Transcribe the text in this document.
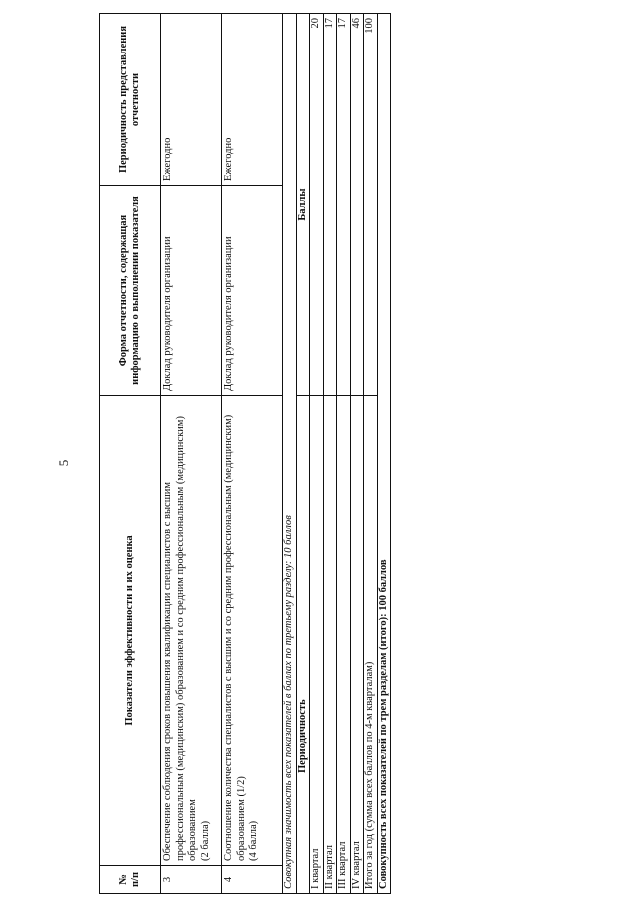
5
№ п/п	Показатели эффективности и их оценка	Форма отчетности, содержащая информацию о выполнении показателя	Периодичность представления отчетности
3	Обеспечение соблюдения сроков повышения квалификации специалистов с высшим профессиональным (медицинским) образованием и со средним профессиональным (медицинским) образованием (2 балла)	Доклад руководителя организации	Ежегодно
4	Соотношение количества специалистов с высшим и со средним профессиональным (медицинским) образованием (1/2) (4 балла)	Доклад руководителя организации	Ежегодно
Совокупная значимость всех показателей в баллах по третьему разделу: 10 баллов			
Периодичность		Баллы	
I квартал		20	
II квартал		17	
III квартал		17	
IV квартал		46	
Итого за год (сумма всех баллов по 4-м кварталам)		100	
Совокупность всех показателей по трем разделам (итого): 100 баллов			
